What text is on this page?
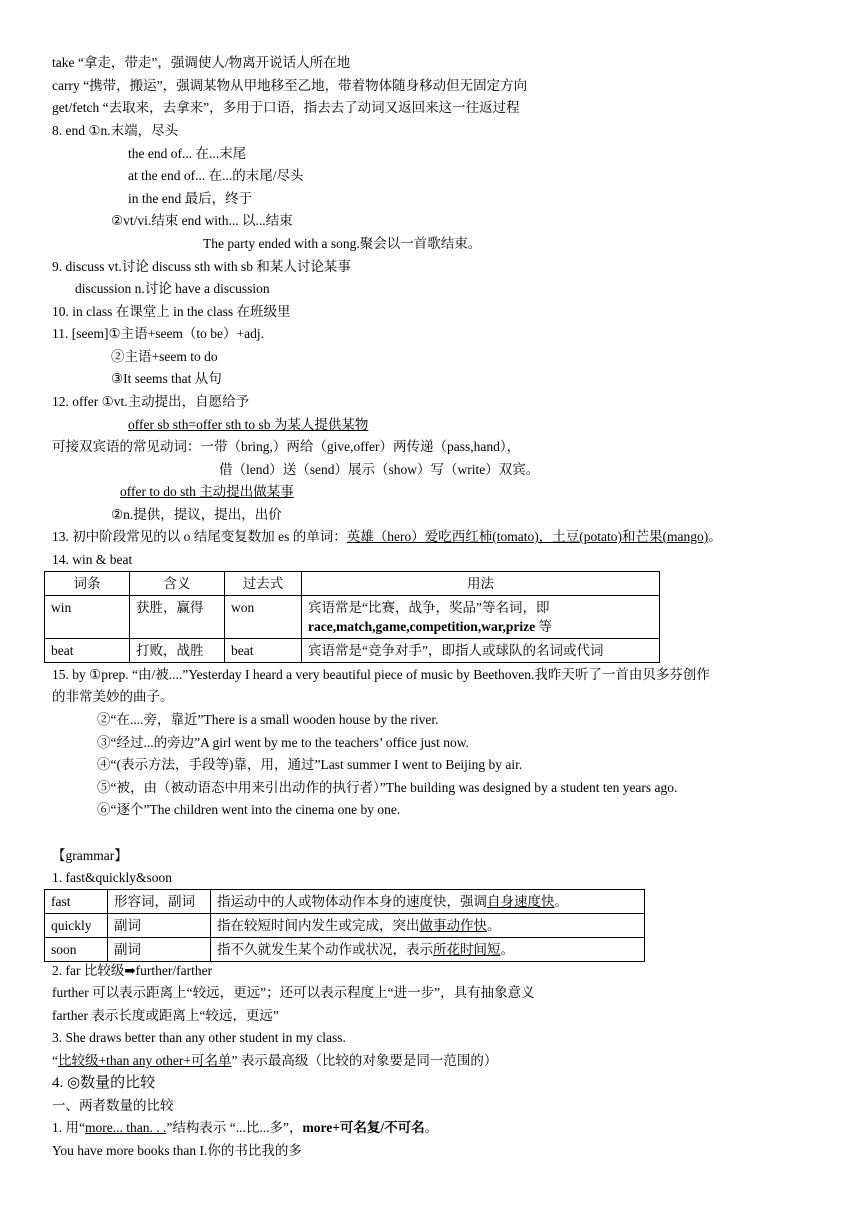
take “拿走，带走”，强调使人/物离开说话人所在地
carry “携带，搬运”，强调某物从甲地移至乙地，带着物体随身移动但无固定方向
get/fetch “去取来，去拿来”，多用于口语，指去去了动词又返回来这一往返过程
8. end ①n.末端，尽头
the end of... 在...末尾
at the end of... 在...的末尾/尽头
in the end 最后，终于
②vt/vi.结束 end with... 以...结束
The party ended with a song.聚会以一首歌结束。
9. discuss vt.讨论 discuss sth with sb 和某人讨论某事
discussion n.讨论 have a discussion
10. in class 在课堂上 in the class 在班级里
11. [seem]①主语+seem（to be）+adj.
②主语+seem to do
③It seems that 从句
12. offer ①vt.主动提出，自愿给予
offer sb sth=offer sth to sb 为某人提供某物
可接双宾语的常见动词：一带（bring,）两给（give,offer）两传递（pass,hand），
借（lend）送（send）展示（show）写（write）双宾。
offer to do sth 主动提出做某事
②n.提供，提议，提出，出价
13. 初中阶段常见的以 o 结尾变复数加 es 的单词：英雄（hero）爱吃西红柿(tomato)，土豆(potato)和芒果(mango)。
14. win & beat
词条	含义	过去式	用法
win	获胜，赢得	won	宾语常是“比赛，战争，奖品”等名词，即
race,match,game,competition,war,prize 等

beat	打败，战胜	beat	宾语常是“竞争对手”，即指人或球队的名词或代词
15. by ①prep. “由/被....”Yesterday I heard a very beautiful piece of music by Beethoven.我昨天听了一首由贝多芬创作
的非常美妙的曲子。
②“在....旁，靠近”There is a small wooden house by the river.
③“经过...的旁边”A girl went by me to the teachers’ office just now.
④“(表示方法，手段等)靠，用，通过”Last summer I went to Beijing by air.
⑤“被，由（被动语态中用来引出动作的执行者）”The building was designed by a student ten years ago.
⑥“逐个”The children went into the cinema one by one.
【grammar】
1. fast&quickly&soon
fast	形容词，副词	指运动中的人或物体动作本身的速度快，强调自身速度快。
quickly	副词	指在较短时间内发生或完成，突出做事动作快。
soon	副词	指不久就发生某个动作或状况，表示所花时间短。
2. far 比较级➡further/farther
further 可以表示距离上“较远，更远”；还可以表示程度上“进一步”，具有抽象意义
farther 表示长度或距离上“较远，更远”
3. She draws better than any other student in my class.
“比较级+than any other+可名单” 表示最高级（比较的对象要是同一范围的）
4. ◎数量的比较
一、两者数量的比较
1. 用“more... than. . .”结构表示 “...比...多”，more+可名复/不可名。
You have more books than I.你的书比我的多
